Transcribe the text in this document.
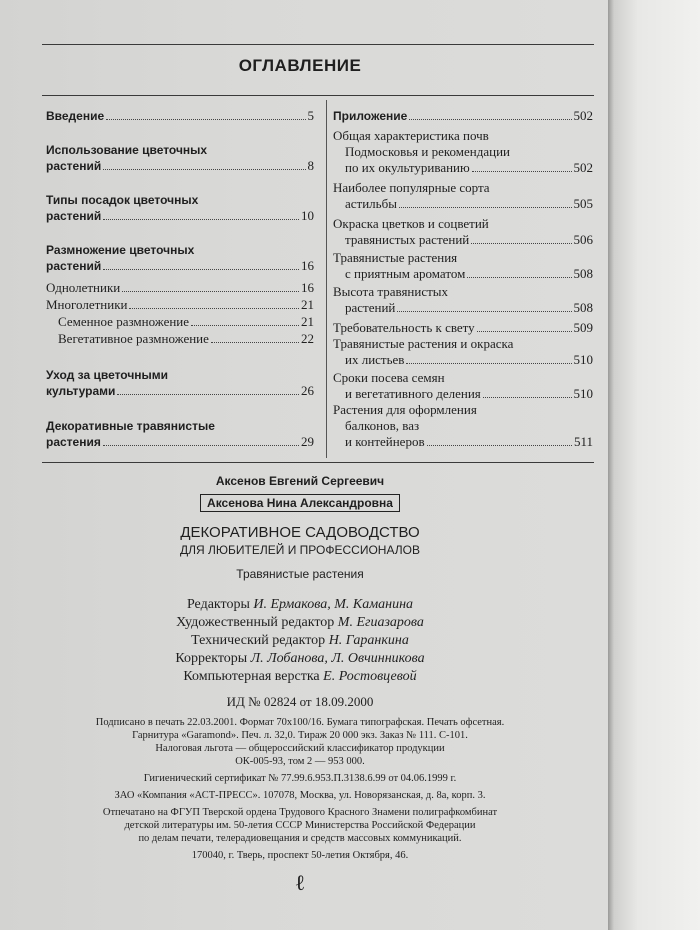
ОГЛАВЛЕНИЕ
Введение	5
Использование цветочных
растений	8
Типы посадок цветочных
растений	10
Размножение цветочных
растений	16
Однолетники	16
Многолетники	21
Семенное размножение	21
Вегетативное размножение	22
Уход за цветочными
культурами	26
Декоративные травянистые
растения	29
Приложение	502
Общая характеристика почв
Подмосковья и рекомендации
по их окультуриванию	502
Наиболее популярные сорта
астильбы	505
Окраска цветков и соцветий
травянистых растений	506
Травянистые растения
с приятным ароматом	508
Высота травянистых
растений	508
Требовательность к свету	509
Травянистые растения и окраска
их листьев	510
Сроки посева семян
и вегетативного деления	510
Растения для оформления
балконов, ваз
и контейнеров	511
Аксенов Евгений Сергеевич
Аксенова Нина Александровна
ДЕКОРАТИВНОЕ САДОВОДСТВО
ДЛЯ ЛЮБИТЕЛЕЙ И ПРОФЕССИОНАЛОВ
Травянистые растения
Редакторы И. Ермакова, М. Каманина
Художественный редактор М. Егиазарова
Технический редактор Н. Гаранкина
Корректоры Л. Лобанова, Л. Овчинникова
Компьютерная верстка Е. Ростовцевой
ИД № 02824 от 18.09.2000
Подписано в печать 22.03.2001. Формат 70х100/16. Бумага типографская. Печать офсетная.
Гарнитура «Garamond». Печ. л. 32,0. Тираж 20 000 экз. Заказ № 111. С-101.
Налоговая льгота — общероссийский классификатор продукции
ОК-005-93, том 2 — 953 000.
Гигиенический сертификат № 77.99.6.953.П.3138.6.99 от 04.06.1999 г.
ЗАО «Компания «АСТ-ПРЕСС». 107078, Москва, ул. Новорязанская, д. 8а, корп. 3.
Отпечатано на ФГУП Тверской ордена Трудового Красного Знамени полиграфкомбинат
детской литературы им. 50-летия СССР Министерства Российской Федерации
по делам печати, телерадиовещания и средств массовых коммуникаций.
170040, г. Тверь, проспект 50-летия Октября, 46.
ℓ
